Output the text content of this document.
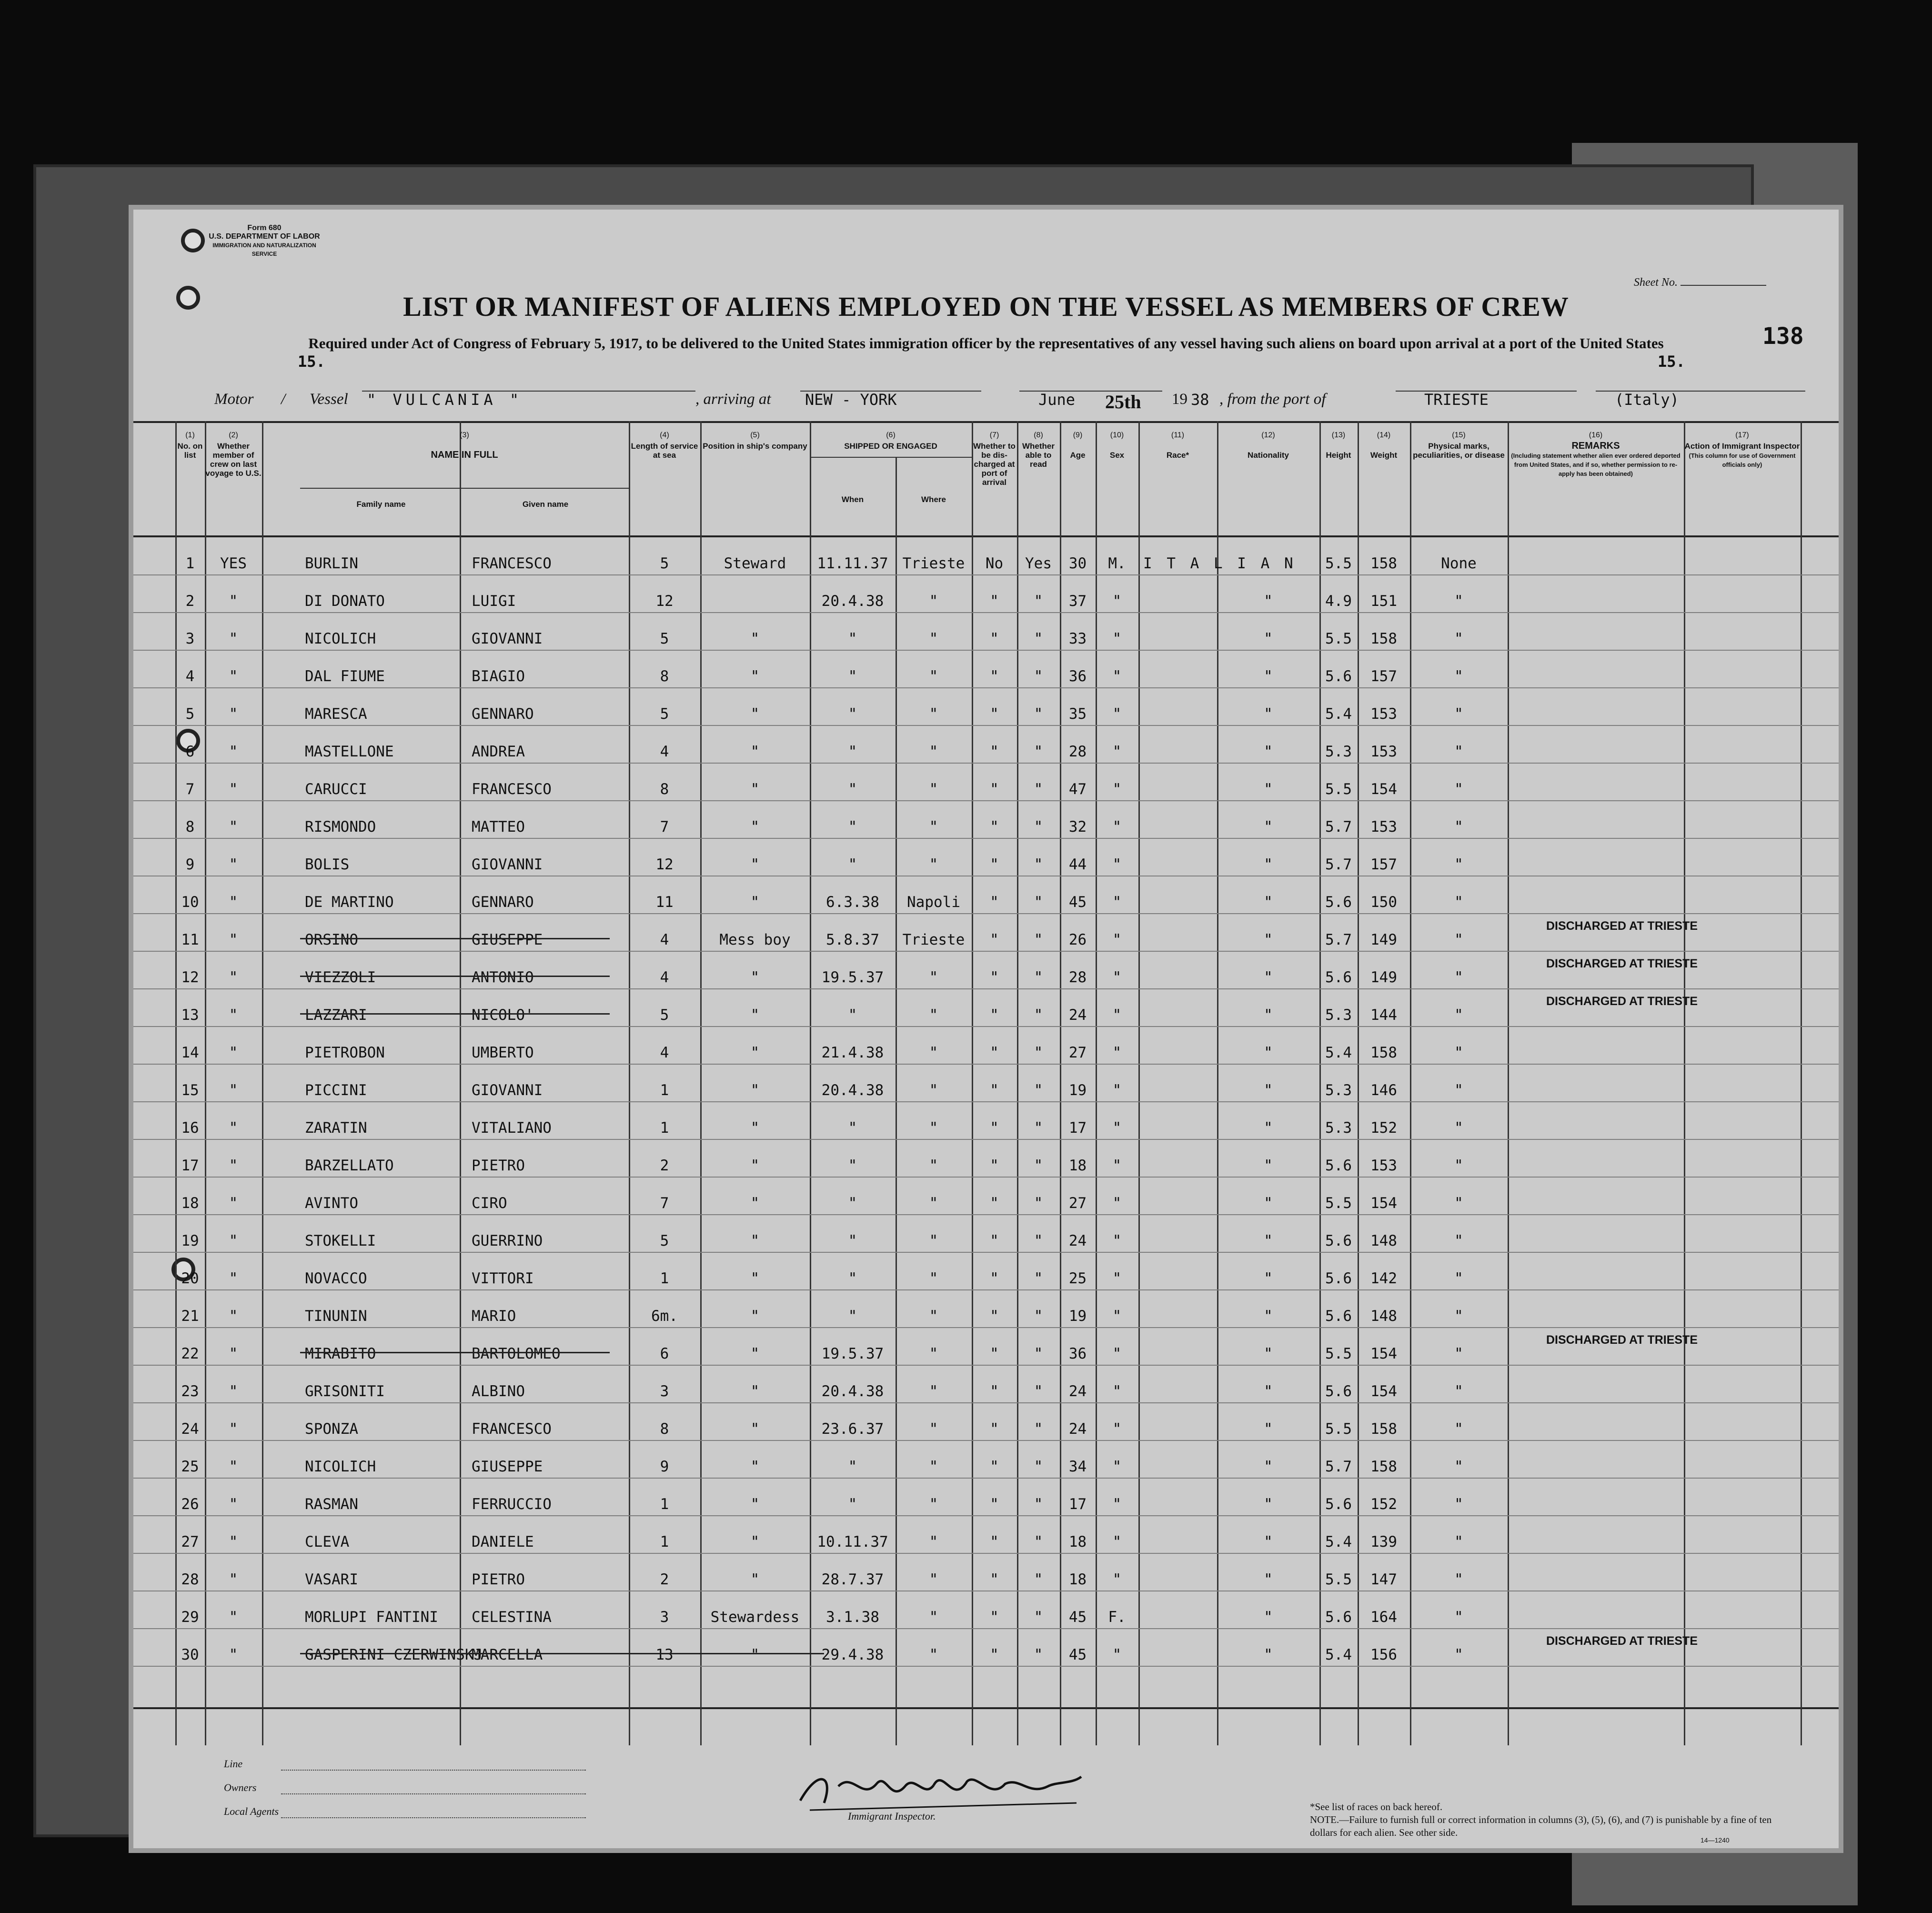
Form 680
U.S. DEPARTMENT OF LABOR
IMMIGRATION AND NATURALIZATION SERVICE
Sheet No.
138
LIST OR MANIFEST OF ALIENS EMPLOYED ON THE VESSEL AS MEMBERS OF CREW
Required under Act of Congress of February 5, 1917, to be delivered to the United States immigration officer by the representatives of any vessel having such aliens on board upon arrival at a port of the United States
15.	15.
Motor / Vessel " VULCANIA "	, arriving at NEW - YORK	June 25th 19 38 , from the port of	TRIESTE	(Italy)
(1)
No. on list
(2)
Whether member of crew on last voyage to U.S.
(3)

NAME IN FULL
Family name	Given name
(4)
Length of service at sea
(5)
Position in ship's company
(6)
SHIPPED OR ENGAGED
When	Where
(7)
Whether to be dis-charged at port of arrival
(8)
Whether able to read
(9)

Age
(10)

Sex
(11)

Race*
(12)

Nationality
(13)

Height
(14)

Weight
(15)
Physical marks, peculiarities, or disease
(16)
REMARKS
(Including statement whether alien ever ordered deported from United States, and if so, whether permission to re-apply has been obtained)
(17)
Action of Immigrant Inspector
(This column for use of Government officials only)
1	YES	BURLIN	FRANCESCO	5	Steward	11.11.37 Trieste	No	Yes	30	M.	I T A L I A N	5.5	158	None
2	"	DI DONATO	LUIGI	12	20.4.38	"	"	"	37	"	"	4.9	151	"
3	"	NICOLICH	GIOVANNI	5	"	"	"	"	"	33	"	"	5.5	158	"
4	"	DAL FIUME	BIAGIO	8	"	"	"	"	"	36	"	"	5.6	157	"
5	"	MARESCA	GENNARO	5	"	"	"	"	"	35	"	"	5.4	153	"
6	"	MASTELLONE	ANDREA	4	"	"	"	"	"	28	"	"	5.3	153	"
7	"	CARUCCI	FRANCESCO	8	"	"	"	"	"	47	"	"	5.5	154	"
8	"	RISMONDO	MATTEO	7	"	"	"	"	"	32	"	"	5.7	153	"
9	"	BOLIS	GIOVANNI	12	"	"	"	"	"	44	"	"	5.7	157	"
10	"	DE MARTINO	GENNARO	11	"	6.3.38	Napoli	"	"	45	"	"	5.6	150	"
11	"	ORSINO	GIUSEPPE	4	Mess boy	5.8.37	Trieste	"	"	26	"	"	5.7	149	"
DISCHARGED AT TRIESTE
12	"	VIEZZOLI	ANTONIO	4	"	19.5.37	"	"	"	28	"	"	5.6	149	"
DISCHARGED AT TRIESTE
13	"	LAZZARI	NICOLO'	5	"	"	"	"	"	24	"	"	5.3	144	"
DISCHARGED AT TRIESTE
14	"	PIETROBON	UMBERTO	4	"	21.4.38	"	"	"	27	"	"	5.4	158	"
15	"	PICCINI	GIOVANNI	1	"	20.4.38	"	"	"	19	"	"	5.3	146	"
16	"	ZARATIN	VITALIANO	1	"	"	"	"	"	17	"	"	5.3	152	"
17	"	BARZELLATO	PIETRO	2	"	"	"	"	"	18	"	"	5.6	153	"
18	"	AVINTO	CIRO	7	"	"	"	"	"	27	"	"	5.5	154	"
19	"	STOKELLI	GUERRINO	5	"	"	"	"	"	24	"	"	5.6	148	"
20	"	NOVACCO	VITTORI	1	"	"	"	"	"	25	"	"	5.6	142	"
21	"	TINUNIN	MARIO	6m.	"	"	"	"	"	19	"	"	5.6	148	"
22	"	MIRABITO	BARTOLOMEO	6	"	19.5.37	"	"	"	36	"	"	5.5	154	"
DISCHARGED AT TRIESTE
23	"	GRISONITI	ALBINO	3	"	20.4.38	"	"	"	24	"	"	5.6	154	"
24	"	SPONZA	FRANCESCO	8	"	23.6.37	"	"	"	24	"	"	5.5	158	"
25	"	NICOLICH	GIUSEPPE	9	"	"	"	"	"	34	"	"	5.7	158	"
26	"	RASMAN	FERRUCCIO	1	"	"	"	"	"	17	"	"	5.6	152	"
27	"	CLEVA	DANIELE	1	"	10.11.37	"	"	"	18	"	"	5.4	139	"
28	"	VASARI	PIETRO	2	"	28.7.37	"	"	"	18	"	"	5.5	147	"
29	"	MORLUPI FANTINI CELESTINA	3	Stewardess	3.1.38	"	"	"	45	F.	"	5.6	164	"
30	"	GASPERINI CZERWINSKJ
MARCELLA	13	"	29.4.38	"	"	"	45	"	"	5.4	156	"
DISCHARGED AT TRIESTE
Line
Owners
Local Agents	Immigrant Inspector.
*See list of races on back hereof.
NOTE.—Failure to furnish full or correct information in columns (3), (5), (6), and (7) is punishable by a fine of ten dollars for each alien. See other side.
14—1240
